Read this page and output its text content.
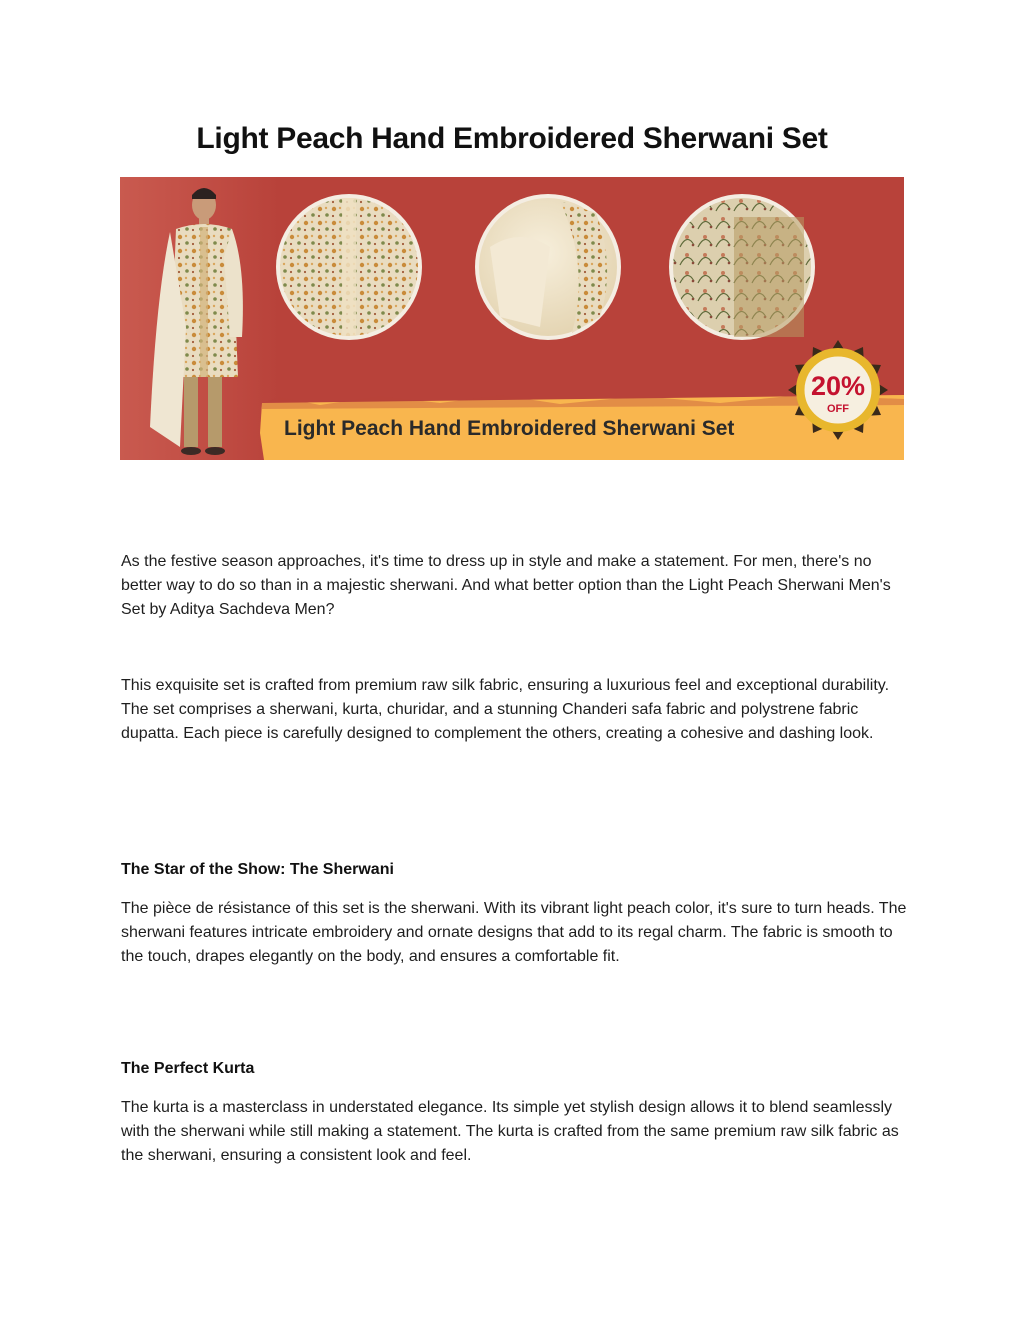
Light Peach Hand Embroidered Sherwani Set
Light Peach Hand Embroidered Sherwani Set
20%
OFF

As the festive season approaches, it's time to dress up in style and make a statement. For men, there's no better way to do so than in a majestic sherwani. And what better option than the Light Peach Sherwani Men's Set by Aditya Sachdeva Men?

This exquisite set is crafted from premium raw silk fabric, ensuring a luxurious feel and exceptional durability. The set comprises a sherwani, kurta, churidar, and a stunning Chanderi safa fabric and polystrene fabric dupatta. Each piece is carefully designed to complement the others, creating a cohesive and dashing look.

The Star of the Show: The Sherwani

The pièce de résistance of this set is the sherwani. With its vibrant light peach color, it's sure to turn heads. The sherwani features intricate embroidery and ornate designs that add to its regal charm. The fabric is smooth to the touch, drapes elegantly on the body, and ensures a comfortable fit.

The Perfect Kurta

The kurta is a masterclass in understated elegance. Its simple yet stylish design allows it to blend seamlessly with the sherwani while still making a statement. The kurta is crafted from the same premium raw silk fabric as the sherwani, ensuring a consistent look and feel.
